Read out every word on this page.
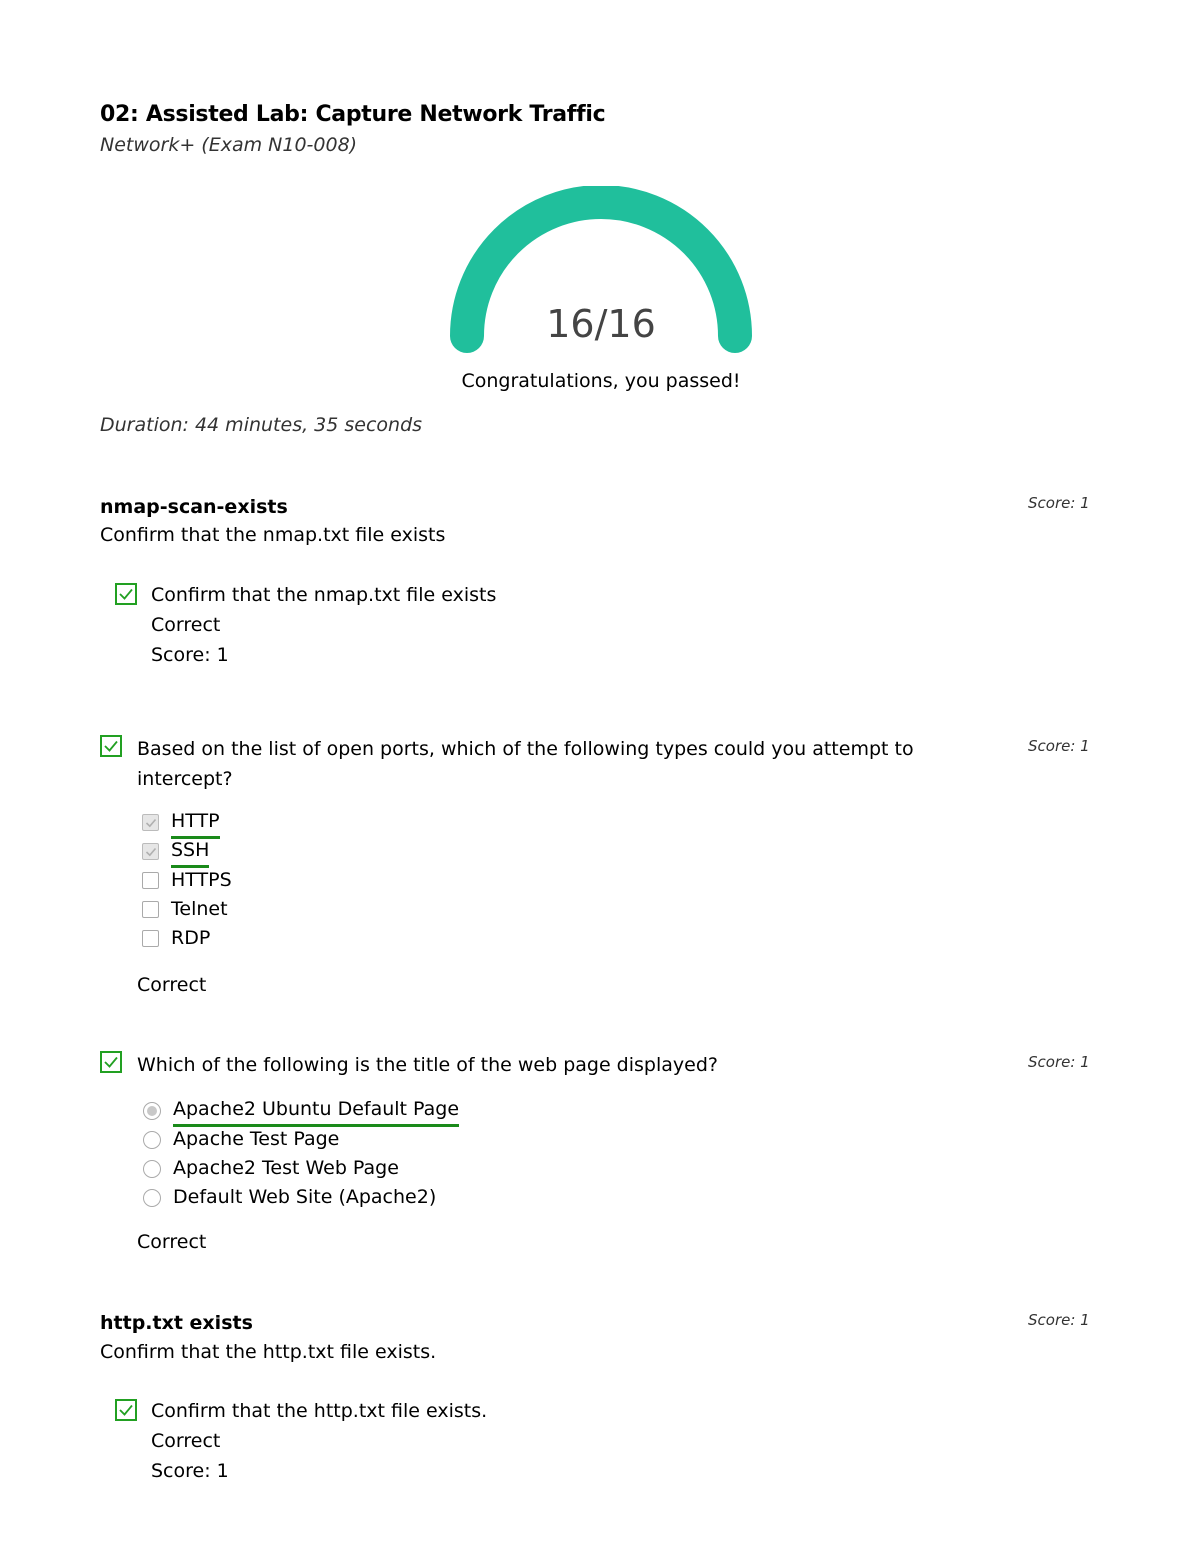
02: Assisted Lab: Capture Network Traffic
Network+ (Exam N10-008)
16/16
Congratulations, you passed!
Duration: 44 minutes, 35 seconds
nmap-scan-exists	Score: 1
Confirm that the nmap.txt file exists
Confirm that the nmap.txt file exists
Correct
Score: 1
Based on the list of open ports, which of the following types could you attempt to intercept?
Score: 1
HTTP
SSH
HTTPS
Telnet
RDP
Correct
Which of the following is the title of the web page displayed?	Score: 1
Apache2 Ubuntu Default Page
Apache Test Page
Apache2 Test Web Page
Default Web Site (Apache2)
Correct
http.txt exists	Score: 1
Confirm that the http.txt file exists.
Confirm that the http.txt file exists.
Correct
Score: 1
